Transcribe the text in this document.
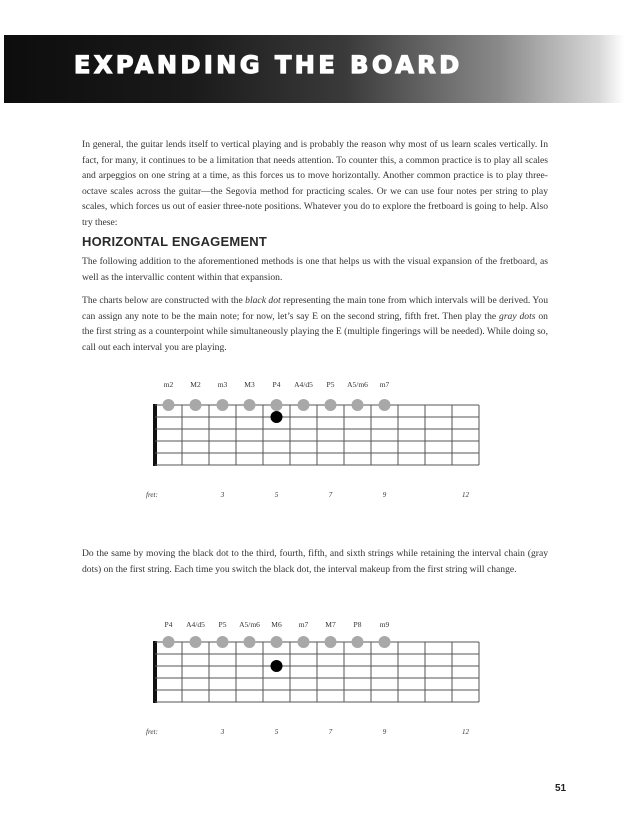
EXPANDING THE BOARD

In general, the guitar lends itself to vertical playing and is probably the reason why most of us learn scales vertically. In fact, for many, it continues to be a limitation that needs attention. To counter this, a common practice is to play all scales and arpeggios on one string at a time, as this forces us to move horizontally. Another common practice is to play three-octave scales across the guitar—the Segovia method for practicing scales. Or we can use four notes per string to play scales, which forces us out of easier three-note positions. Whatever you do to explore the fretboard is going to help. Also try these:

HORIZONTAL ENGAGEMENT

The following addition to the aforementioned methods is one that helps us with the visual expansion of the fretboard, as well as the intervallic content within that expansion.

The charts below are constructed with the black dot representing the main tone from which intervals will be derived. You can assign any note to be the main note; for now, let’s say E on the second string, fifth fret. Then play the gray dots on the first string as a counterpoint while simultaneously playing the E (multiple fingerings will be needed). While doing so, call out each interval you are playing.

Do the same by moving the black dot to the third, fourth, fifth, and sixth strings while retaining the interval chain (gray dots) on the first string. Each time you switch the black dot, the interval makeup from the first string will change.

m2 M2 m3 M3 P4 A4/d5 P5 A5/m6 m7
fret:	3	5	7	9	12
P4 A4/d5 P5 A5/m6 M6 m7 M7 P8 m9
fret:	3	5	7	9	12

51
